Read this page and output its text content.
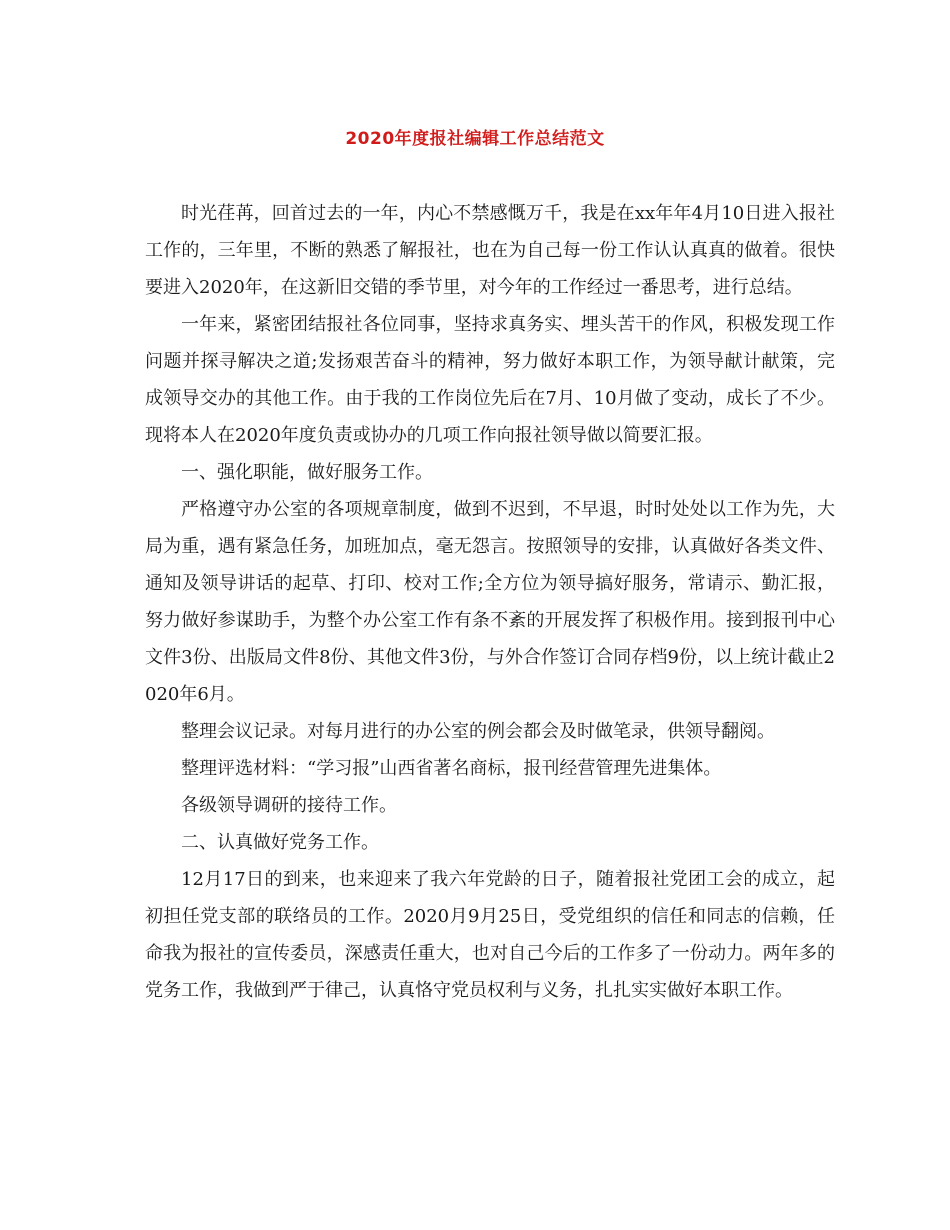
2020年度报社编辑工作总结范文

时光荏苒，回首过去的一年，内心不禁感慨万千，我是在xx年年4月10日进入报社工作的，三年里，不断的熟悉了解报社，也在为自己每一份工作认认真真的做着。很快要进入2020年，在这新旧交错的季节里，对今年的工作经过一番思考，进行总结。

一年来，紧密团结报社各位同事，坚持求真务实、埋头苦干的作风，积极发现工作问题并探寻解决之道;发扬艰苦奋斗的精神，努力做好本职工作，为领导献计献策，完成领导交办的其他工作。由于我的工作岗位先后在7月、10月做了变动，成长了不少。现将本人在2020年度负责或协办的几项工作向报社领导做以简要汇报。

一、强化职能，做好服务工作。

严格遵守办公室的各项规章制度，做到不迟到，不早退，时时处处以工作为先，大局为重，遇有紧急任务，加班加点，毫无怨言。按照领导的安排，认真做好各类文件、通知及领导讲话的起草、打印、校对工作;全方位为领导搞好服务，常请示、勤汇报，努力做好参谋助手，为整个办公室工作有条不紊的开展发挥了积极作用。接到报刊中心文件3份、出版局文件8份、其他文件3份，与外合作签订合同存档9份，以上统计截止2020年6月。

整理会议记录。对每月进行的办公室的例会都会及时做笔录，供领导翻阅。

整理评选材料：“学习报”山西省著名商标，报刊经营管理先进集体。

各级领导调研的接待工作。

二、认真做好党务工作。

12月17日的到来，也来迎来了我六年党龄的日子，随着报社党团工会的成立，起初担任党支部的联络员的工作。2020月9月25日，受党组织的信任和同志的信赖，任命我为报社的宣传委员，深感责任重大，也对自己今后的工作多了一份动力。两年多的党务工作，我做到严于律己，认真恪守党员权利与义务，扎扎实实做好本职工作。
